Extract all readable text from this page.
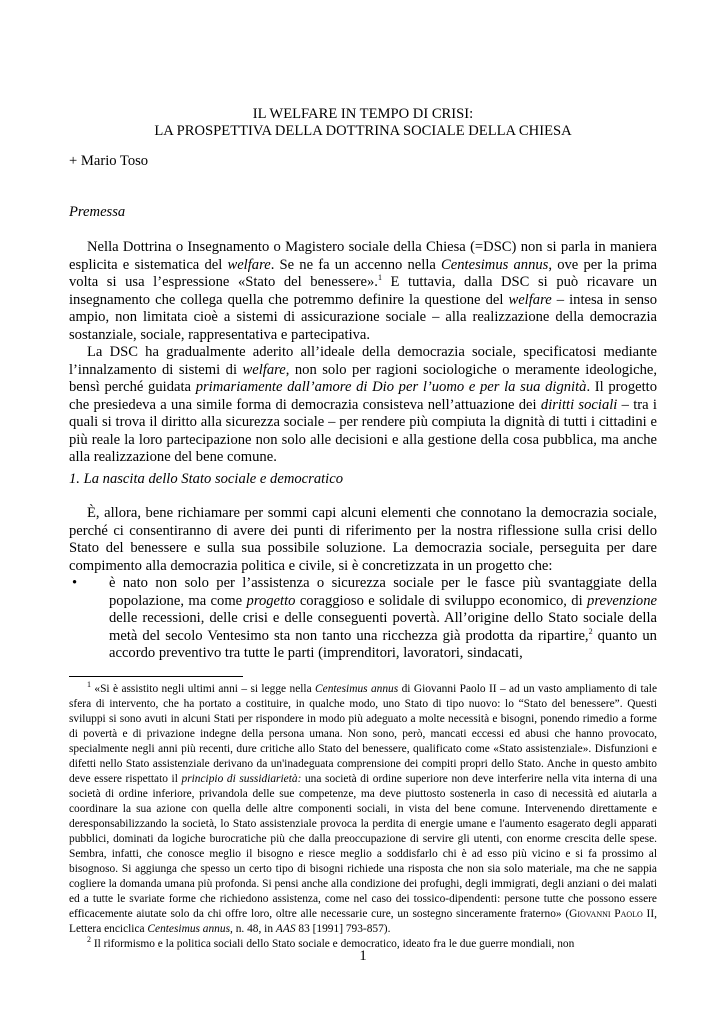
IL WELFARE IN TEMPO DI CRISI:
LA PROSPETTIVA DELLA DOTTRINA SOCIALE DELLA CHIESA
+ Mario Toso
Premessa

Nella Dottrina o Insegnamento o Magistero sociale della Chiesa (=DSC) non si parla in maniera esplicita e sistematica del welfare. Se ne fa un accenno nella Centesimus annus, ove per la prima volta si usa l’espressione «Stato del benessere».$^1$ E tuttavia, dalla DSC si può ricavare un insegnamento che collega quella che potremmo definire la questione del welfare – intesa in senso ampio, non limitata cioè a sistemi di assicurazione sociale – alla realizzazione della democrazia sostanziale, sociale, rappresentativa e partecipativa.

La DSC ha gradualmente aderito all’ideale della democrazia sociale, specificatosi mediante l’innalzamento di sistemi di welfare, non solo per ragioni sociologiche o meramente ideologiche, bensì perché guidata primariamente dall’amore di Dio per l’uomo e per la sua dignità. Il progetto che presiedeva a una simile forma di democrazia consisteva nell’attuazione dei diritti sociali – tra i quali si trova il diritto alla sicurezza sociale – per rendere più compiuta la dignità di tutti i cittadini e più reale la loro partecipazione non solo alle decisioni e alla gestione della cosa pubblica, ma anche alla realizzazione del bene comune.

1. La nascita dello Stato sociale e democratico

È, allora, bene richiamare per sommi capi alcuni elementi che connotano la democrazia sociale, perché ci consentiranno di avere dei punti di riferimento per la nostra riflessione sulla crisi dello Stato del benessere e sulla sua possibile soluzione. La democrazia sociale, perseguita per dare compimento alla democrazia politica e civile, si è concretizzata in un progetto che:

• è nato non solo per l’assistenza o sicurezza sociale per le fasce più svantaggiate della popolazione, ma come progetto coraggioso e solidale di sviluppo economico, di prevenzione delle recessioni, delle crisi e delle conseguenti povertà. All’origine dello Stato sociale della metà del secolo Ventesimo sta non tanto una ricchezza già prodotta da ripartire,$^2$ quanto un accordo preventivo tra tutte le parti (imprenditori, lavoratori, sindacati,

$^1$ «Si è assistito negli ultimi anni – si legge nella Centesimus annus di Giovanni Paolo II – ad un vasto ampliamento di tale sfera di intervento, che ha portato a costituire, in qualche modo, uno Stato di tipo nuovo: lo “Stato del benessere”. Questi sviluppi si sono avuti in alcuni Stati per rispondere in modo più adeguato a molte necessità e bisogni, ponendo rimedio a forme di povertà e di privazione indegne della persona umana. Non sono, però, mancati eccessi ed abusi che hanno provocato, specialmente negli anni più recenti, dure critiche allo Stato del benessere, qualificato come «Stato assistenziale». Disfunzioni e difetti nello Stato assistenziale derivano da un'inadeguata comprensione dei compiti propri dello Stato. Anche in questo ambito deve essere rispettato il principio di sussidiarietà: una società di ordine superiore non deve interferire nella vita interna di una società di ordine inferiore, privandola delle sue competenze, ma deve piuttosto sostenerla in caso di necessità ed aiutarla a coordinare la sua azione con quella delle altre componenti sociali, in vista del bene comune. Intervenendo direttamente e deresponsabilizzando la società, lo Stato assistenziale provoca la perdita di energie umane e l'aumento esagerato degli apparati pubblici, dominati da logiche burocratiche più che dalla preoccupazione di servire gli utenti, con enorme crescita delle spese. Sembra, infatti, che conosce meglio il bisogno e riesce meglio a soddisfarlo chi è ad esso più vicino e si fa prossimo al bisognoso. Si aggiunga che spesso un certo tipo di bisogni richiede una risposta che non sia solo materiale, ma che ne sappia cogliere la domanda umana più profonda. Si pensi anche alla condizione dei profughi, degli immigrati, degli anziani o dei malati ed a tutte le svariate forme che richiedono assistenza, come nel caso dei tossico-dipendenti: persone tutte che possono essere efficacemente aiutate solo da chi offre loro, oltre alle necessarie cure, un sostegno sinceramente fraterno» (Giovanni Paolo II, Lettera enciclica Centesimus annus, n. 48, in AAS 83 [1991] 793-857).

$^2$ Il riformismo e la politica sociali dello Stato sociale e democratico, ideato fra le due guerre mondiali, non

1
